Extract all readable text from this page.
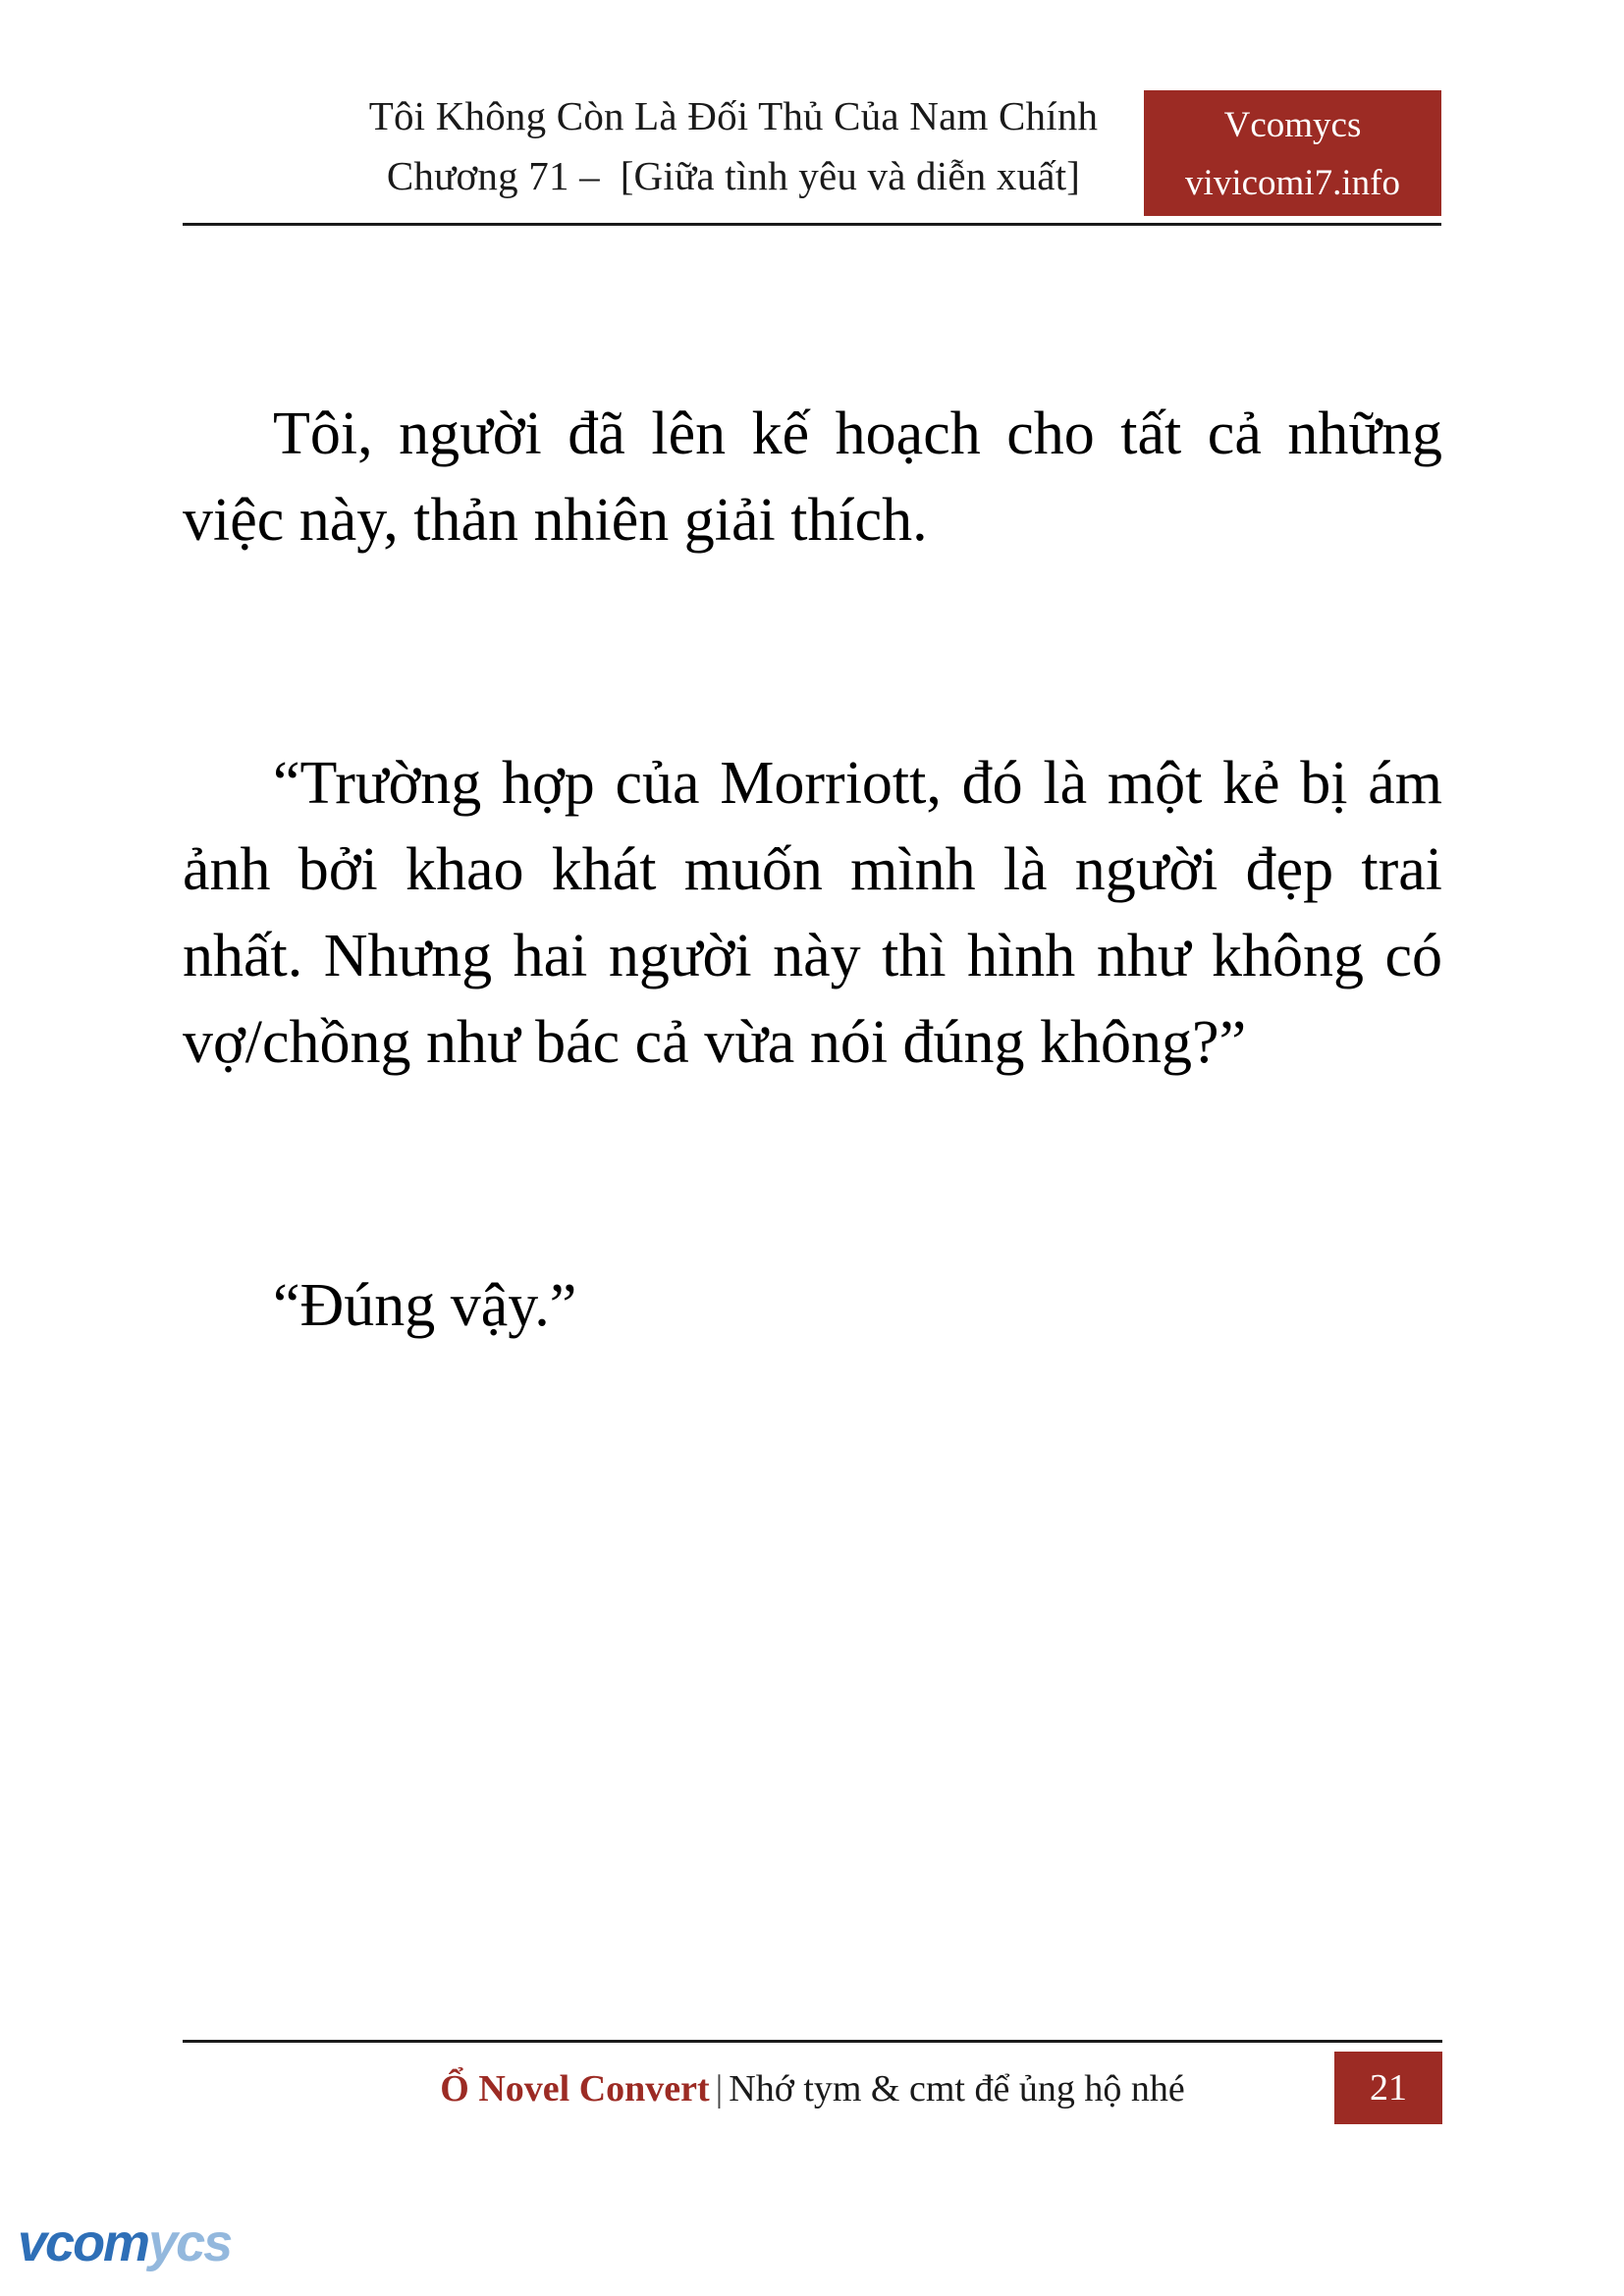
Tôi Không Còn Là Đối Thủ Của Nam Chính
Chương 71 –  [Giữa tình yêu và diễn xuất]
Vcomycs
vivicomi7.info

Tôi, người đã lên kế hoạch cho tất cả những việc này, thản nhiên giải thích.

“Trường hợp của Morriott, đó là một kẻ bị ám ảnh bởi khao khát muốn mình là người đẹp trai nhất. Nhưng hai người này thì hình như không có vợ/chồng như bác cả vừa nói đúng không?”

“Đúng vậy.”

Ổ Novel Convert | Nhớ tym & cmt để ủng hộ nhé	21
vcomycs
